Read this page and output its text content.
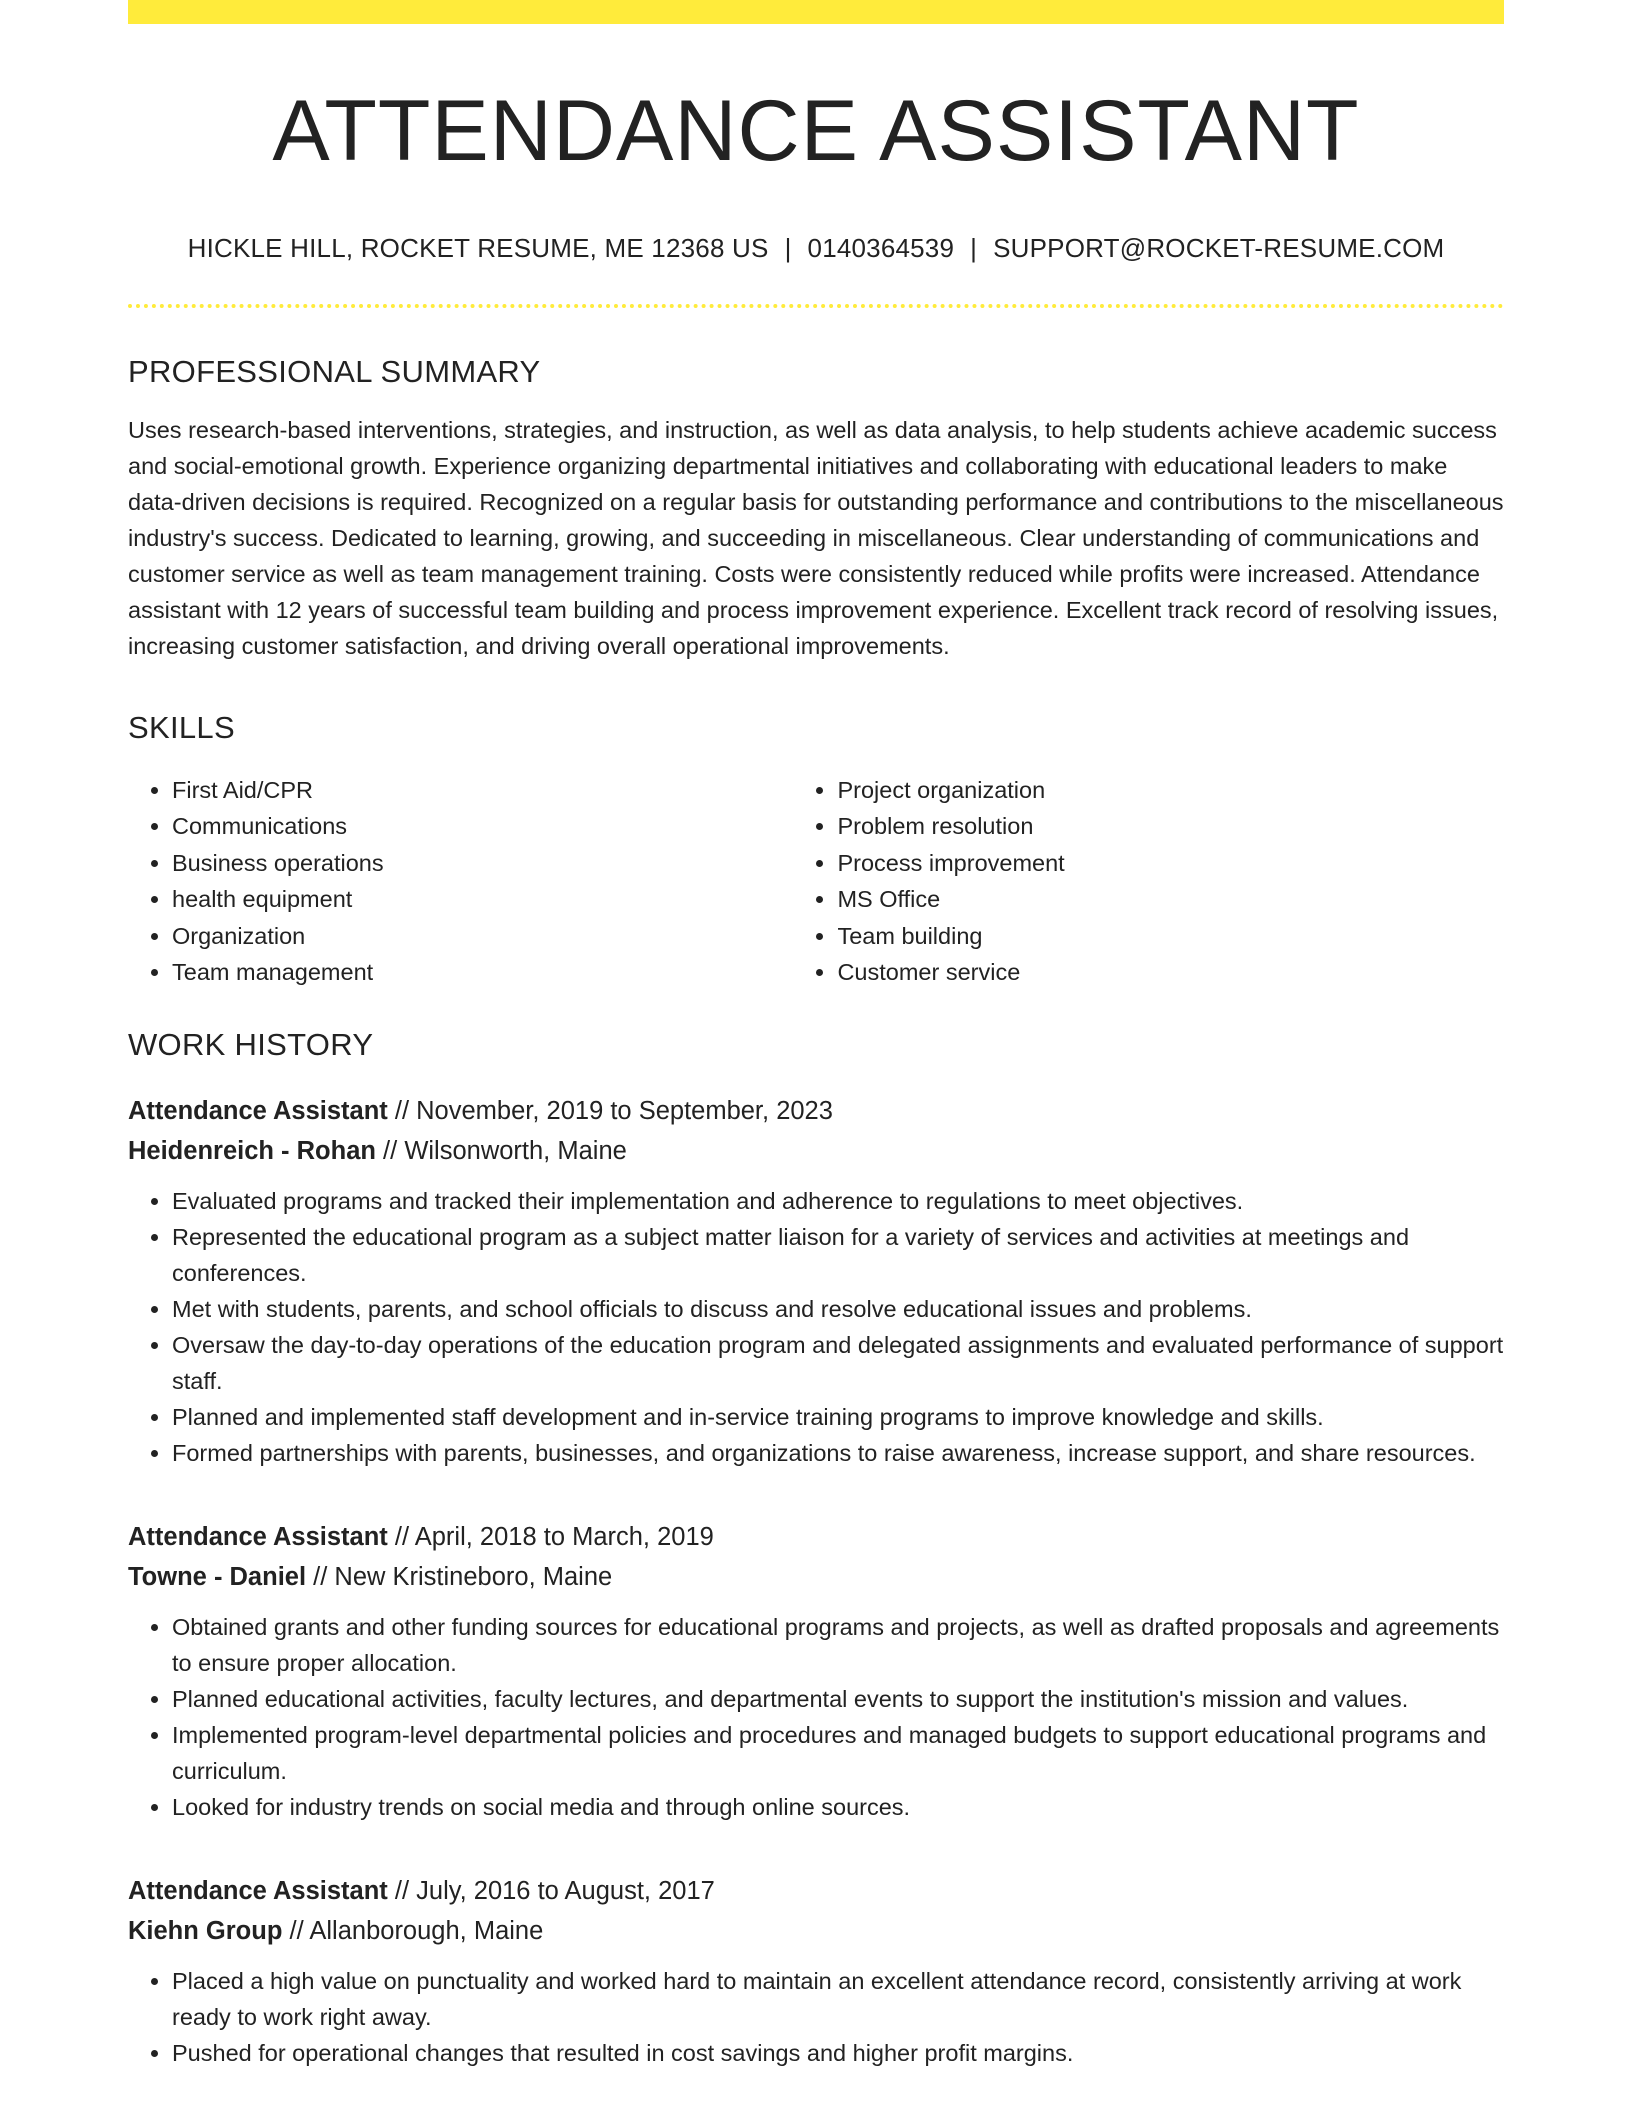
ATTENDANCE ASSISTANT
HICKLE HILL, ROCKET RESUME, ME 12368 US | 0140364539 | SUPPORT@ROCKET-RESUME.COM
PROFESSIONAL SUMMARY
Uses research-based interventions, strategies, and instruction, as well as data analysis, to help students achieve academic success and social-emotional growth. Experience organizing departmental initiatives and collaborating with educational leaders to make data-driven decisions is required. Recognized on a regular basis for outstanding performance and contributions to the miscellaneous industry's success. Dedicated to learning, growing, and succeeding in miscellaneous. Clear understanding of communications and customer service as well as team management training. Costs were consistently reduced while profits were increased. Attendance assistant with 12 years of successful team building and process improvement experience. Excellent track record of resolving issues, increasing customer satisfaction, and driving overall operational improvements.
SKILLS
• First Aid/CPR
• Communications
• Business operations
• health equipment
• Organization
• Team management
• Project organization
• Problem resolution
• Process improvement
• MS Office
• Team building
• Customer service
WORK HISTORY
Attendance Assistant // November, 2019 to September, 2023
Heidenreich - Rohan // Wilsonworth, Maine
• Evaluated programs and tracked their implementation and adherence to regulations to meet objectives.
• Represented the educational program as a subject matter liaison for a variety of services and activities at meetings and conferences.
• Met with students, parents, and school officials to discuss and resolve educational issues and problems.
• Oversaw the day-to-day operations of the education program and delegated assignments and evaluated performance of support staff.
• Planned and implemented staff development and in-service training programs to improve knowledge and skills.
• Formed partnerships with parents, businesses, and organizations to raise awareness, increase support, and share resources.
Attendance Assistant // April, 2018 to March, 2019
Towne - Daniel // New Kristineboro, Maine
• Obtained grants and other funding sources for educational programs and projects, as well as drafted proposals and agreements to ensure proper allocation.
• Planned educational activities, faculty lectures, and departmental events to support the institution's mission and values.
• Implemented program-level departmental policies and procedures and managed budgets to support educational programs and curriculum.
• Looked for industry trends on social media and through online sources.
Attendance Assistant // July, 2016 to August, 2017
Kiehn Group // Allanborough, Maine
• Placed a high value on punctuality and worked hard to maintain an excellent attendance record, consistently arriving at work ready to work right away.
• Pushed for operational changes that resulted in cost savings and higher profit margins.
